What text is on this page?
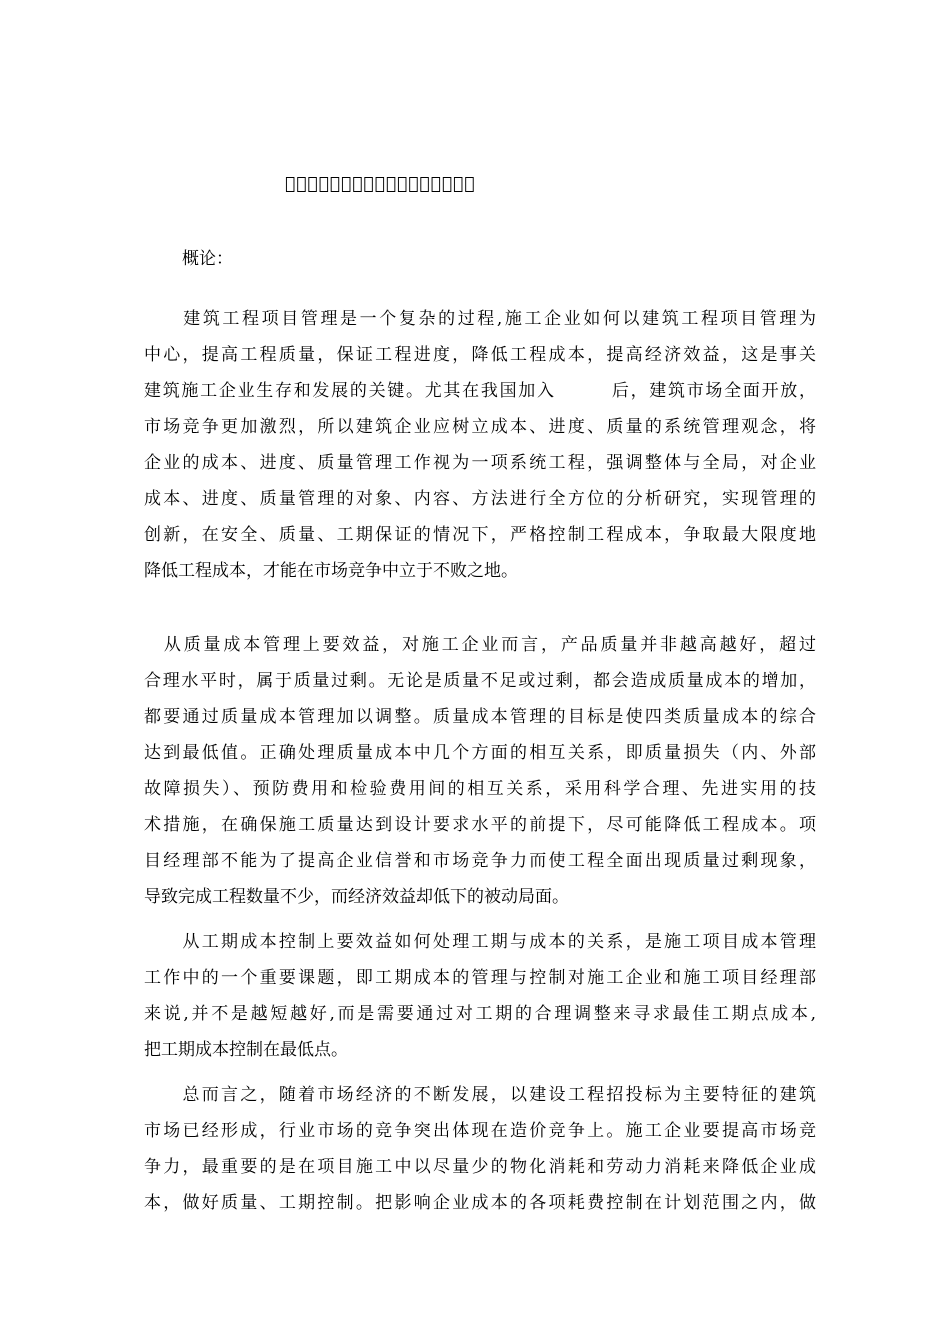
                 
概论：
　　建筑工程项目管理是一个复杂的过程,施工企业如何以建筑工程项目管理为
中心，提高工程质量，保证工程进度，降低工程成本，提高经济效益，这是事关
建筑施工企业生存和发展的关键。尤其在我国加入　　　后，建筑市场全面开放，
市场竞争更加激烈，所以建筑企业应树立成本、进度、质量的系统管理观念，将
企业的成本、进度、质量管理工作视为一项系统工程，强调整体与全局，对企业
成本、进度、质量管理的对象、内容、方法进行全方位的分析研究，实现管理的
创新，在安全、质量、工期保证的情况下，严格控制工程成本，争取最大限度地
降低工程成本，才能在市场竞争中立于不败之地。
　从质量成本管理上要效益，对施工企业而言，产品质量并非越高越好，超过
合理水平时，属于质量过剩。无论是质量不足或过剩，都会造成质量成本的增加，
都要通过质量成本管理加以调整。质量成本管理的目标是使四类质量成本的综合
达到最低值。正确处理质量成本中几个方面的相互关系，即质量损失（内、外部
故障损失）、预防费用和检验费用间的相互关系，采用科学合理、先进实用的技
术措施，在确保施工质量达到设计要求水平的前提下，尽可能降低工程成本。项
目经理部不能为了提高企业信誉和市场竞争力而使工程全面出现质量过剩现象，
导致完成工程数量不少，而经济效益却低下的被动局面。
　　从工期成本控制上要效益如何处理工期与成本的关系，是施工项目成本管理
工作中的一个重要课题，即工期成本的管理与控制对施工企业和施工项目经理部
来说,并不是越短越好,而是需要通过对工期的合理调整来寻求最佳工期点成本,
把工期成本控制在最低点。
　　总而言之，随着市场经济的不断发展，以建设工程招投标为主要特征的建筑
市场已经形成，行业市场的竞争突出体现在造价竞争上。施工企业要提高市场竞
争力，最重要的是在项目施工中以尽量少的物化消耗和劳动力消耗来降低企业成
本，做好质量、工期控制。把影响企业成本的各项耗费控制在计划范围之内，做
